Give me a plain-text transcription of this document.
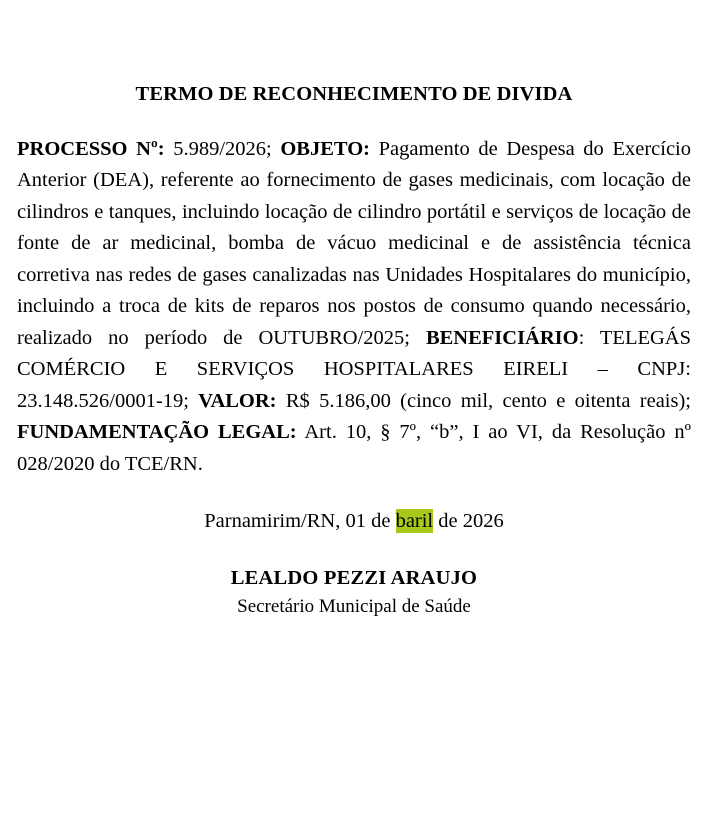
TERMO DE RECONHECIMENTO DE DIVIDA

PROCESSO Nº: 5.989/2026; OBJETO: Pagamento de Despesa do Exercício Anterior (DEA), referente ao fornecimento de gases medicinais, com locação de cilindros e tanques, incluindo locação de cilindro portátil e serviços de locação de fonte de ar medicinal, bomba de vácuo medicinal e de assistência técnica corretiva nas redes de gases canalizadas nas Unidades Hospitalares do município, incluindo a troca de kits de reparos nos postos de consumo quando necessário, realizado no período de OUTUBRO/2025; BENEFICIÁRIO: TELEGÁS COMÉRCIO E SERVIÇOS HOSPITALARES EIRELI – CNPJ: 23.148.526/0001-19; VALOR: R$ 5.186,00 (cinco mil, cento e oitenta reais); FUNDAMENTAÇÃO LEGAL: Art. 10, § 7º, “b”, I ao VI, da Resolução nº 028/2020 do TCE/RN.

Parnamirim/RN, 01 de baril de 2026

LEALDO PEZZI ARAUJO

Secretário Municipal de Saúde
